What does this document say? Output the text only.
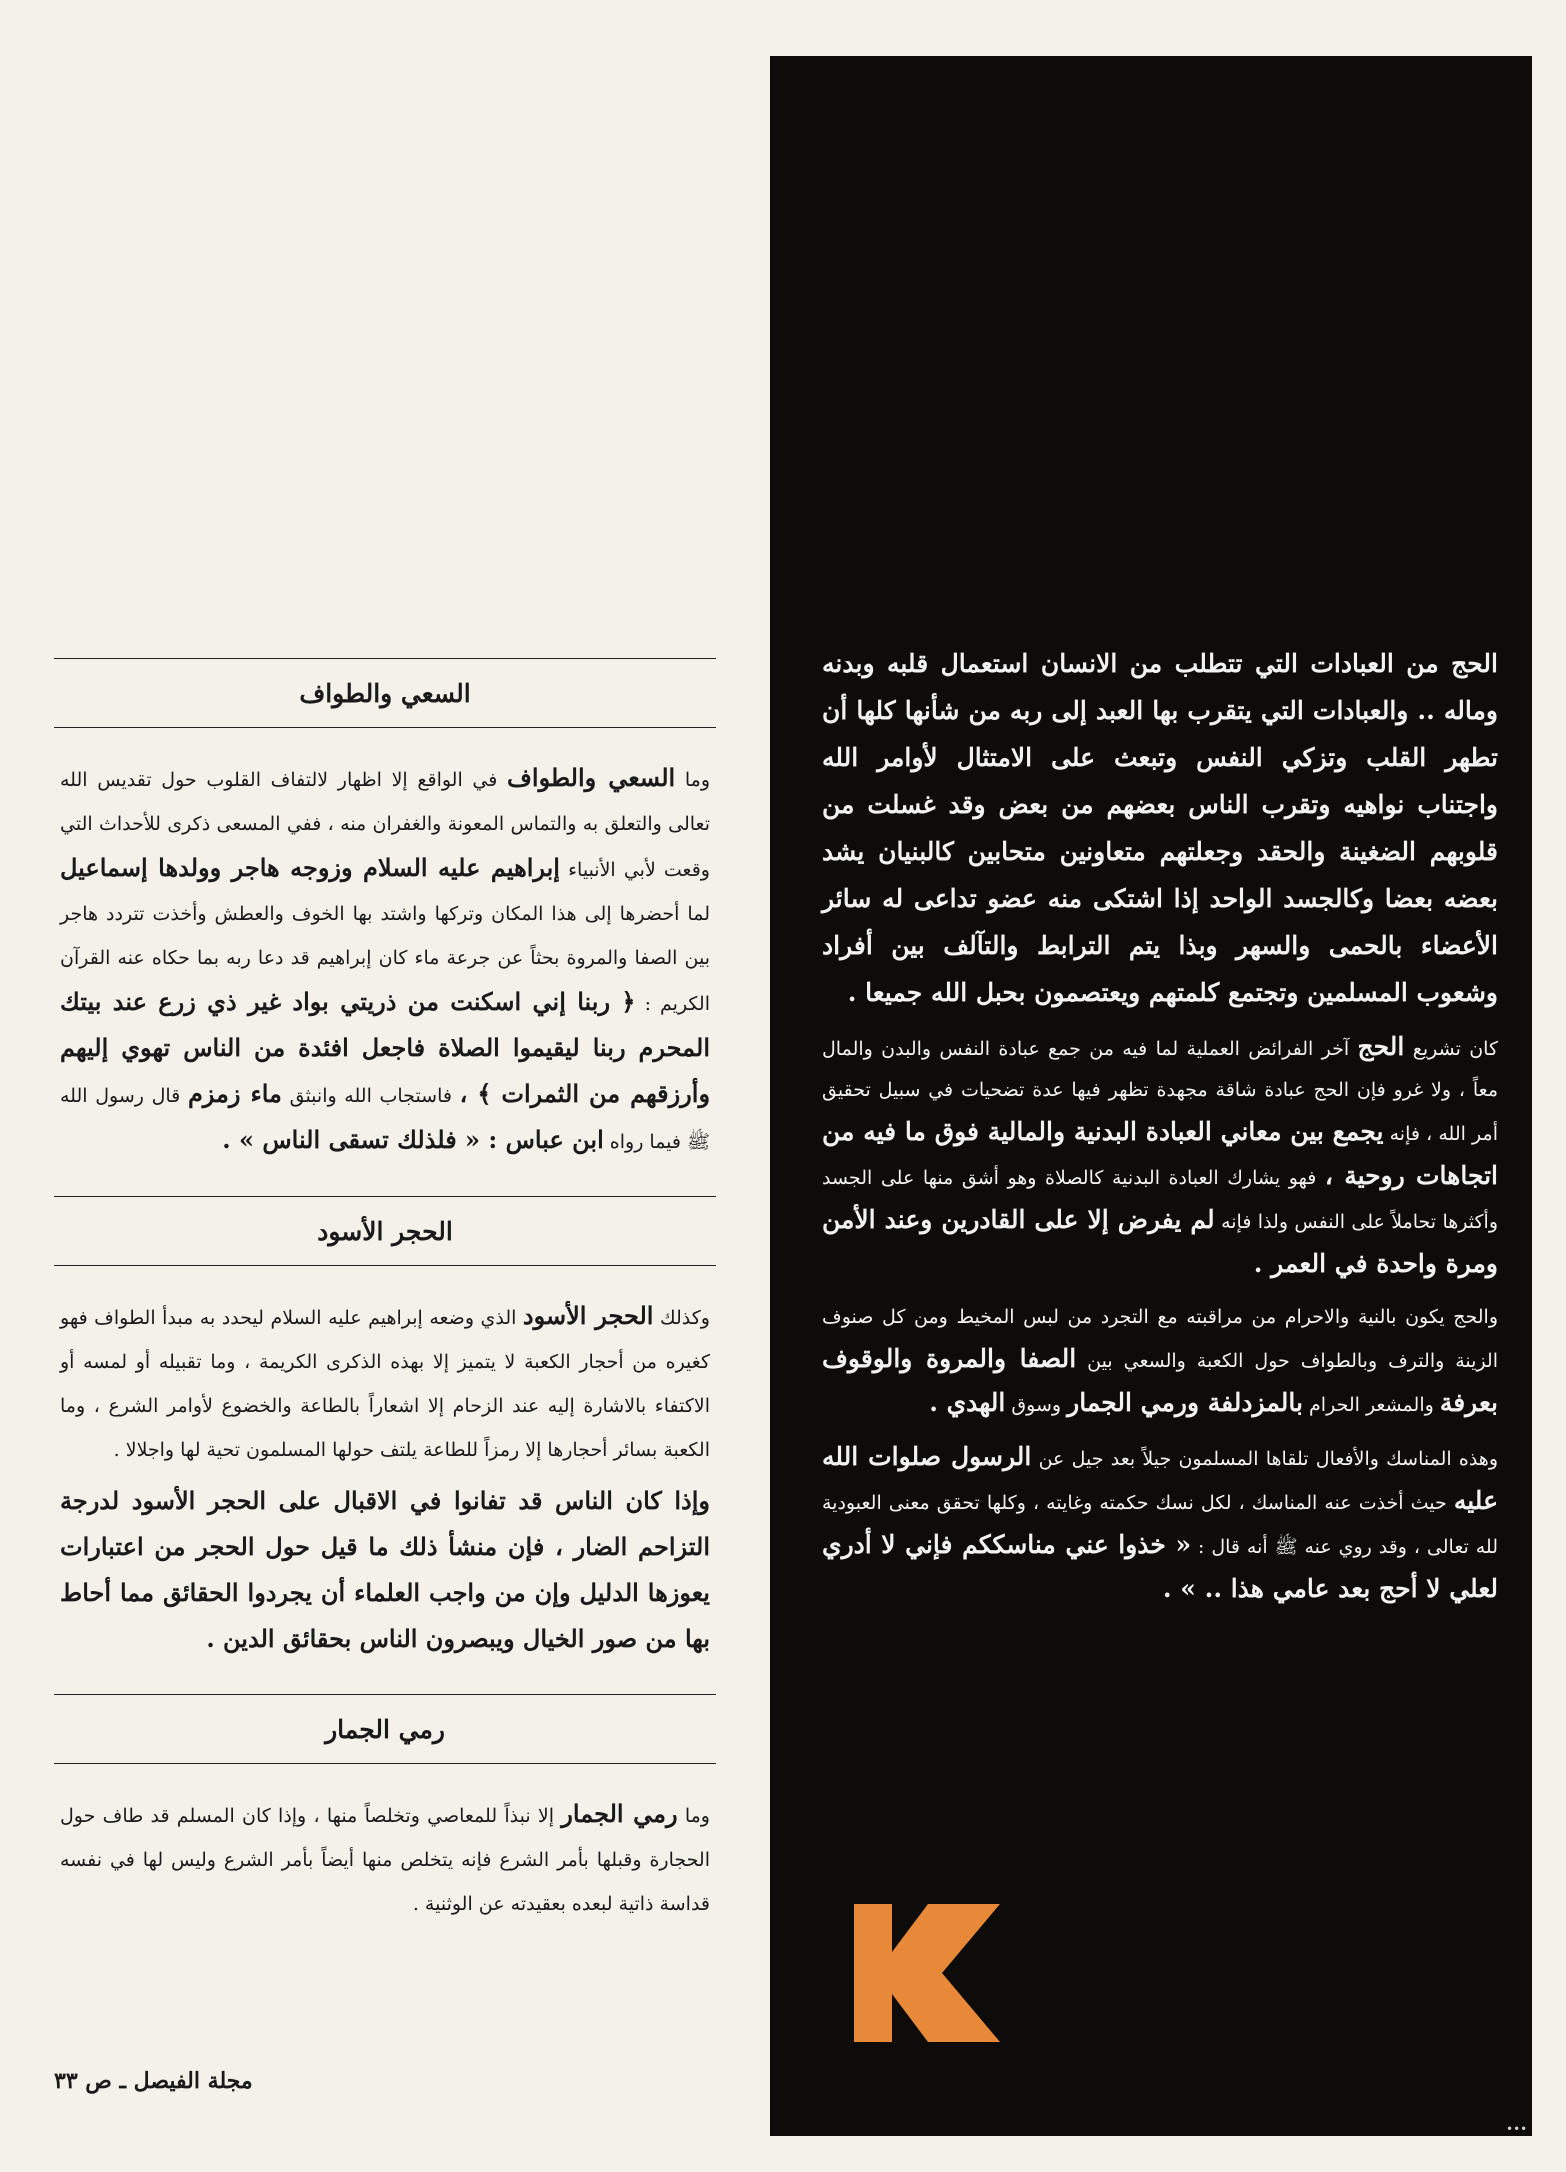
الحج من العبادات التي تتطلب من الانسان استعمال قلبه وبدنه وماله .. والعبادات التي يتقرب بها العبد إلى ربه من شأنها كلها أن تطهر القلب وتزكي النفس وتبعث على الامتثال لأوامر الله واجتناب نواهيه وتقرب الناس بعضهم من بعض وقد غسلت من قلوبهم الضغينة والحقد وجعلتهم متعاونين متحابين كالبنيان يشد بعضه بعضا وكالجسد الواحد إذا اشتكى منه عضو تداعى له سائر الأعضاء بالحمى والسهر وبذا يتم الترابط والتآلف بين أفراد وشعوب المسلمين وتجتمع كلمتهم ويعتصمون بحبل الله جميعا .

كان تشريع الحج آخر الفرائض العملية لما فيه من جمع عبادة النفس والبدن والمال معاً ، ولا غرو فإن الحج عبادة شاقة مجهدة تظهر فيها عدة تضحيات في سبيل تحقيق أمر الله ، فإنه يجمع بين معاني العبادة البدنية والمالية فوق ما فيه من اتجاهات روحية ، فهو يشارك العبادة البدنية كالصلاة وهو أشق منها على الجسد وأكثرها تحاملاً على النفس ولذا فإنه لم يفرض إلا على القادرين وعند الأمن ومرة واحدة في العمر .

والحج يكون بالنية والاحرام من مراقبته مع التجرد من لبس المخيط ومن كل صنوف الزينة والترف وبالطواف حول الكعبة والسعي بين الصفا والمروة والوقوف بعرفة والمشعر الحرام بالمزدلفة ورمي الجمار وسوق الهدي .

وهذه المناسك والأفعال تلقاها المسلمون جيلاً بعد جيل عن الرسول صلوات الله عليه حيث أخذت عنه المناسك ، لكل نسك حكمته وغايته ، وكلها تحقق معنى العبودية لله تعالى ، وقد روي عنه ﷺ أنه قال : « خذوا عني مناسككم فإني لا أدري لعلي لا أحج بعد عامي هذا .. » .

•••
السعي والطواف

وما السعي والطواف في الواقع إلا اظهار لالتفاف القلوب حول تقديس الله تعالى والتعلق به والتماس المعونة والغفران منه ، ففي المسعى ذكرى للأحداث التي وقعت لأبي الأنبياء إبراهيم عليه السلام وزوجه هاجر وولدها إسماعيل لما أحضرها إلى هذا المكان وتركها واشتد بها الخوف والعطش وأخذت تتردد هاجر بين الصفا والمروة بحثاً عن جرعة ماء كان إبراهيم قد دعا ربه بما حكاه عنه القرآن الكريم : ﴿ ربنا إني اسكنت من ذريتي بواد غير ذي زرع عند بيتك المحرم ربنا ليقيموا الصلاة فاجعل افئدة من الناس تهوي إليهم وأرزقهم من الثمرات ﴾ ، فاستجاب الله وانبثق ماء زمزم قال رسول الله ﷺ فيما رواه ابن عباس : « فلذلك تسقى الناس » .

الحجر الأسود

وكذلك الحجر الأسود الذي وضعه إبراهيم عليه السلام ليحدد به مبدأ الطواف فهو كغيره من أحجار الكعبة لا يتميز إلا بهذه الذكرى الكريمة ، وما تقبيله أو لمسه أو الاكتفاء بالاشارة إليه عند الزحام إلا اشعاراً بالطاعة والخضوع لأوامر الشرع ، وما الكعبة بسائر أحجارها إلا رمزاً للطاعة يلتف حولها المسلمون تحية لها واجلالا .

وإذا كان الناس قد تفانوا في الاقبال على الحجر الأسود لدرجة التزاحم الضار ، فإن منشأ ذلك ما قيل حول الحجر من اعتبارات يعوزها الدليل وإن من واجب العلماء أن يجردوا الحقائق مما أحاط بها من صور الخيال ويبصرون الناس بحقائق الدين .

رمي الجمار

وما رمي الجمار إلا نبذاً للمعاصي وتخلصاً منها ، وإذا كان المسلم قد طاف حول الحجارة وقبلها بأمر الشرع فإنه يتخلص منها أيضاً بأمر الشرع وليس لها في نفسه قداسة ذاتية لبعده بعقيدته عن الوثنية .

مجلة الفيصل ـ ص ٣٣
